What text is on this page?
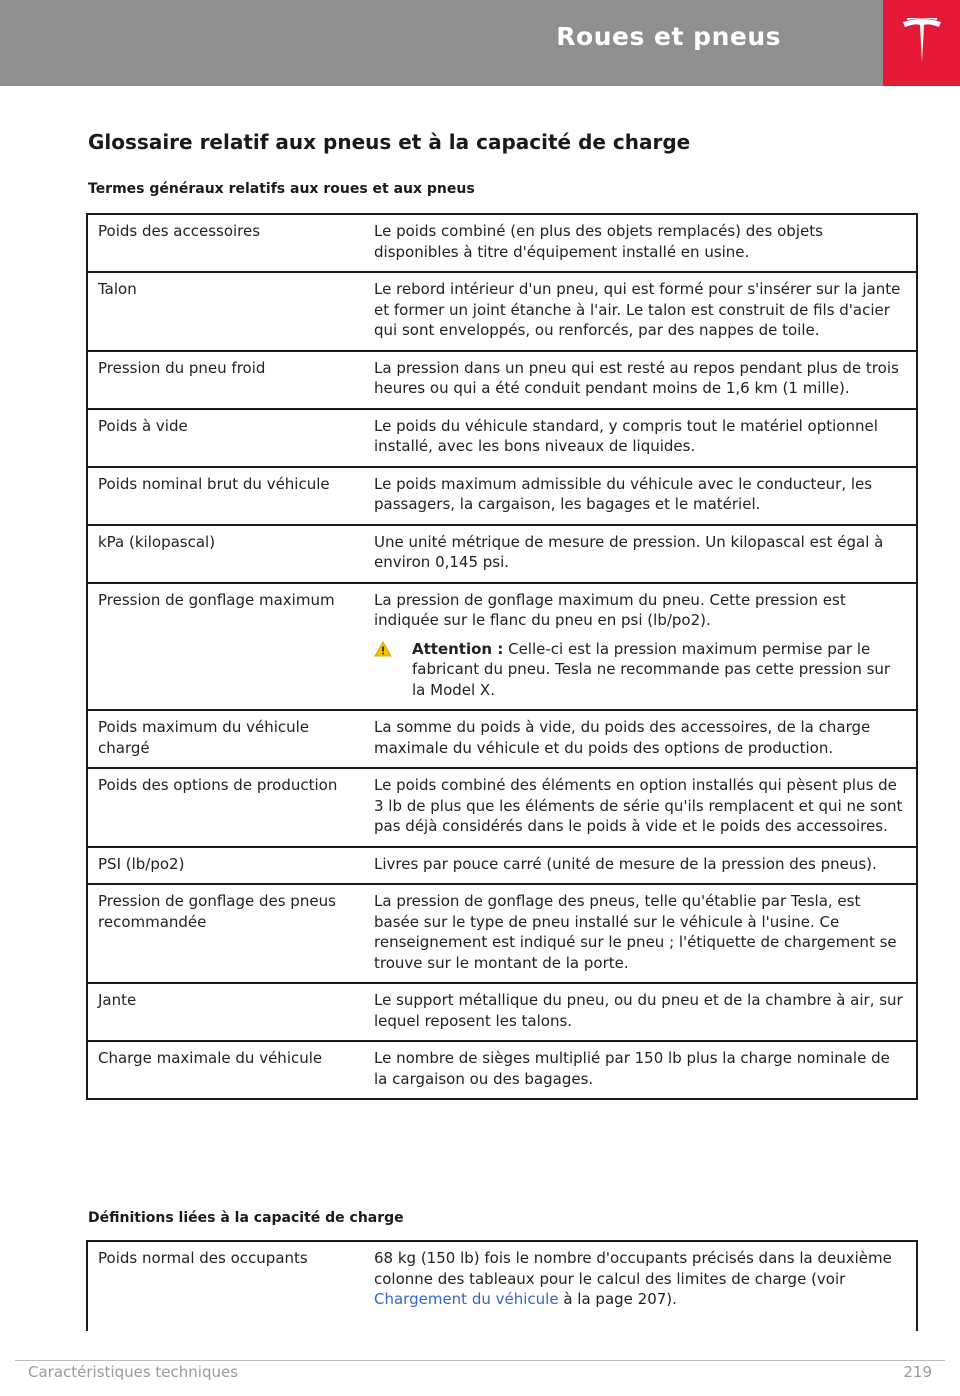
Roues et pneus
Glossaire relatif aux pneus et à la capacité de charge
Termes généraux relatifs aux roues et aux pneus
Poids des accessoires	Le poids combiné (en plus des objets remplacés) des objets disponibles à titre d'équipement installé en usine.
Talon	Le rebord intérieur d'un pneu, qui est formé pour s'insérer sur la jante et former un joint étanche à l'air. Le talon est construit de fils d'acier qui sont enveloppés, ou renforcés, par des nappes de toile.
Pression du pneu froid	La pression dans un pneu qui est resté au repos pendant plus de trois heures ou qui a été conduit pendant moins de 1,6 km (1 mille).
Poids à vide	Le poids du véhicule standard, y compris tout le matériel optionnel installé, avec les bons niveaux de liquides.
Poids nominal brut du véhicule	Le poids maximum admissible du véhicule avec le conducteur, les passagers, la cargaison, les bagages et le matériel.
kPa (kilopascal)	Une unité métrique de mesure de pression. Un kilopascal est égal à environ 0,145 psi.
Pression de gonflage maximum	La pression de gonflage maximum du pneu. Cette pression est indiquée sur le flanc du pneu en psi (lb/po2).
Attention : Celle-ci est la pression maximum permise par le fabricant du pneu. Tesla ne recommande pas cette pression sur la Model X.

Poids maximum du véhicule chargé	La somme du poids à vide, du poids des accessoires, de la charge maximale du véhicule et du poids des options de production.
Poids des options de production	Le poids combiné des éléments en option installés qui pèsent plus de 3 lb de plus que les éléments de série qu'ils remplacent et qui ne sont pas déjà considérés dans le poids à vide et le poids des accessoires.
PSI (lb/po2)	Livres par pouce carré (unité de mesure de la pression des pneus).
Pression de gonflage des pneus recommandée	La pression de gonflage des pneus, telle qu'établie par Tesla, est basée sur le type de pneu installé sur le véhicule à l'usine. Ce renseignement est indiqué sur le pneu ; l'étiquette de chargement se trouve sur le montant de la porte.
Jante	Le support métallique du pneu, ou du pneu et de la chambre à air, sur lequel reposent les talons.
Charge maximale du véhicule	Le nombre de sièges multiplié par 150 lb plus la charge nominale de la cargaison ou des bagages.
Définitions liées à la capacité de charge
Poids normal des occupants	68 kg (150 lb) fois le nombre d'occupants précisés dans la deuxième colonne des tableaux pour le calcul des limites de charge (voir Chargement du véhicule à la page 207).
Caractéristiques techniques	219
